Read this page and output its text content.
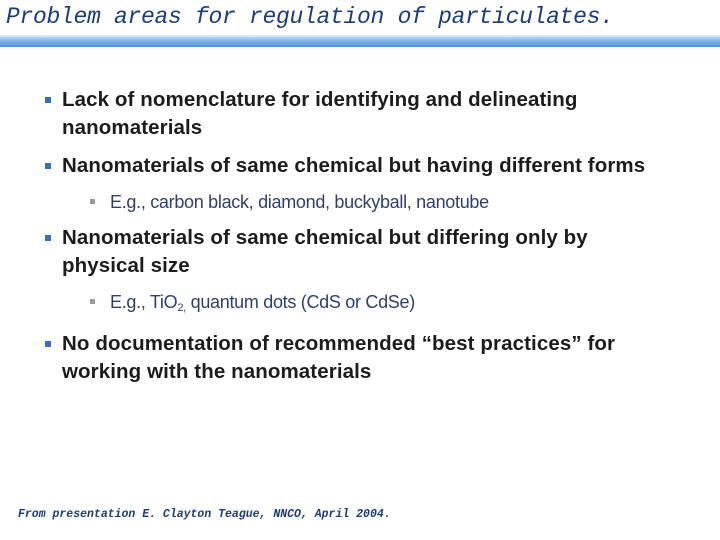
Problem areas for regulation of particulates.
Lack of nomenclature for identifying and delineating nanomaterials
Nanomaterials of same chemical but having different forms
E.g., carbon black, diamond, buckyball, nanotube
Nanomaterials of same chemical but differing only by physical size
E.g., TiO$_{2,}$ quantum dots (CdS or CdSe)
No documentation of recommended “best practices” for working with the nanomaterials
From presentation E. Clayton Teague, NNCO, April 2004.
